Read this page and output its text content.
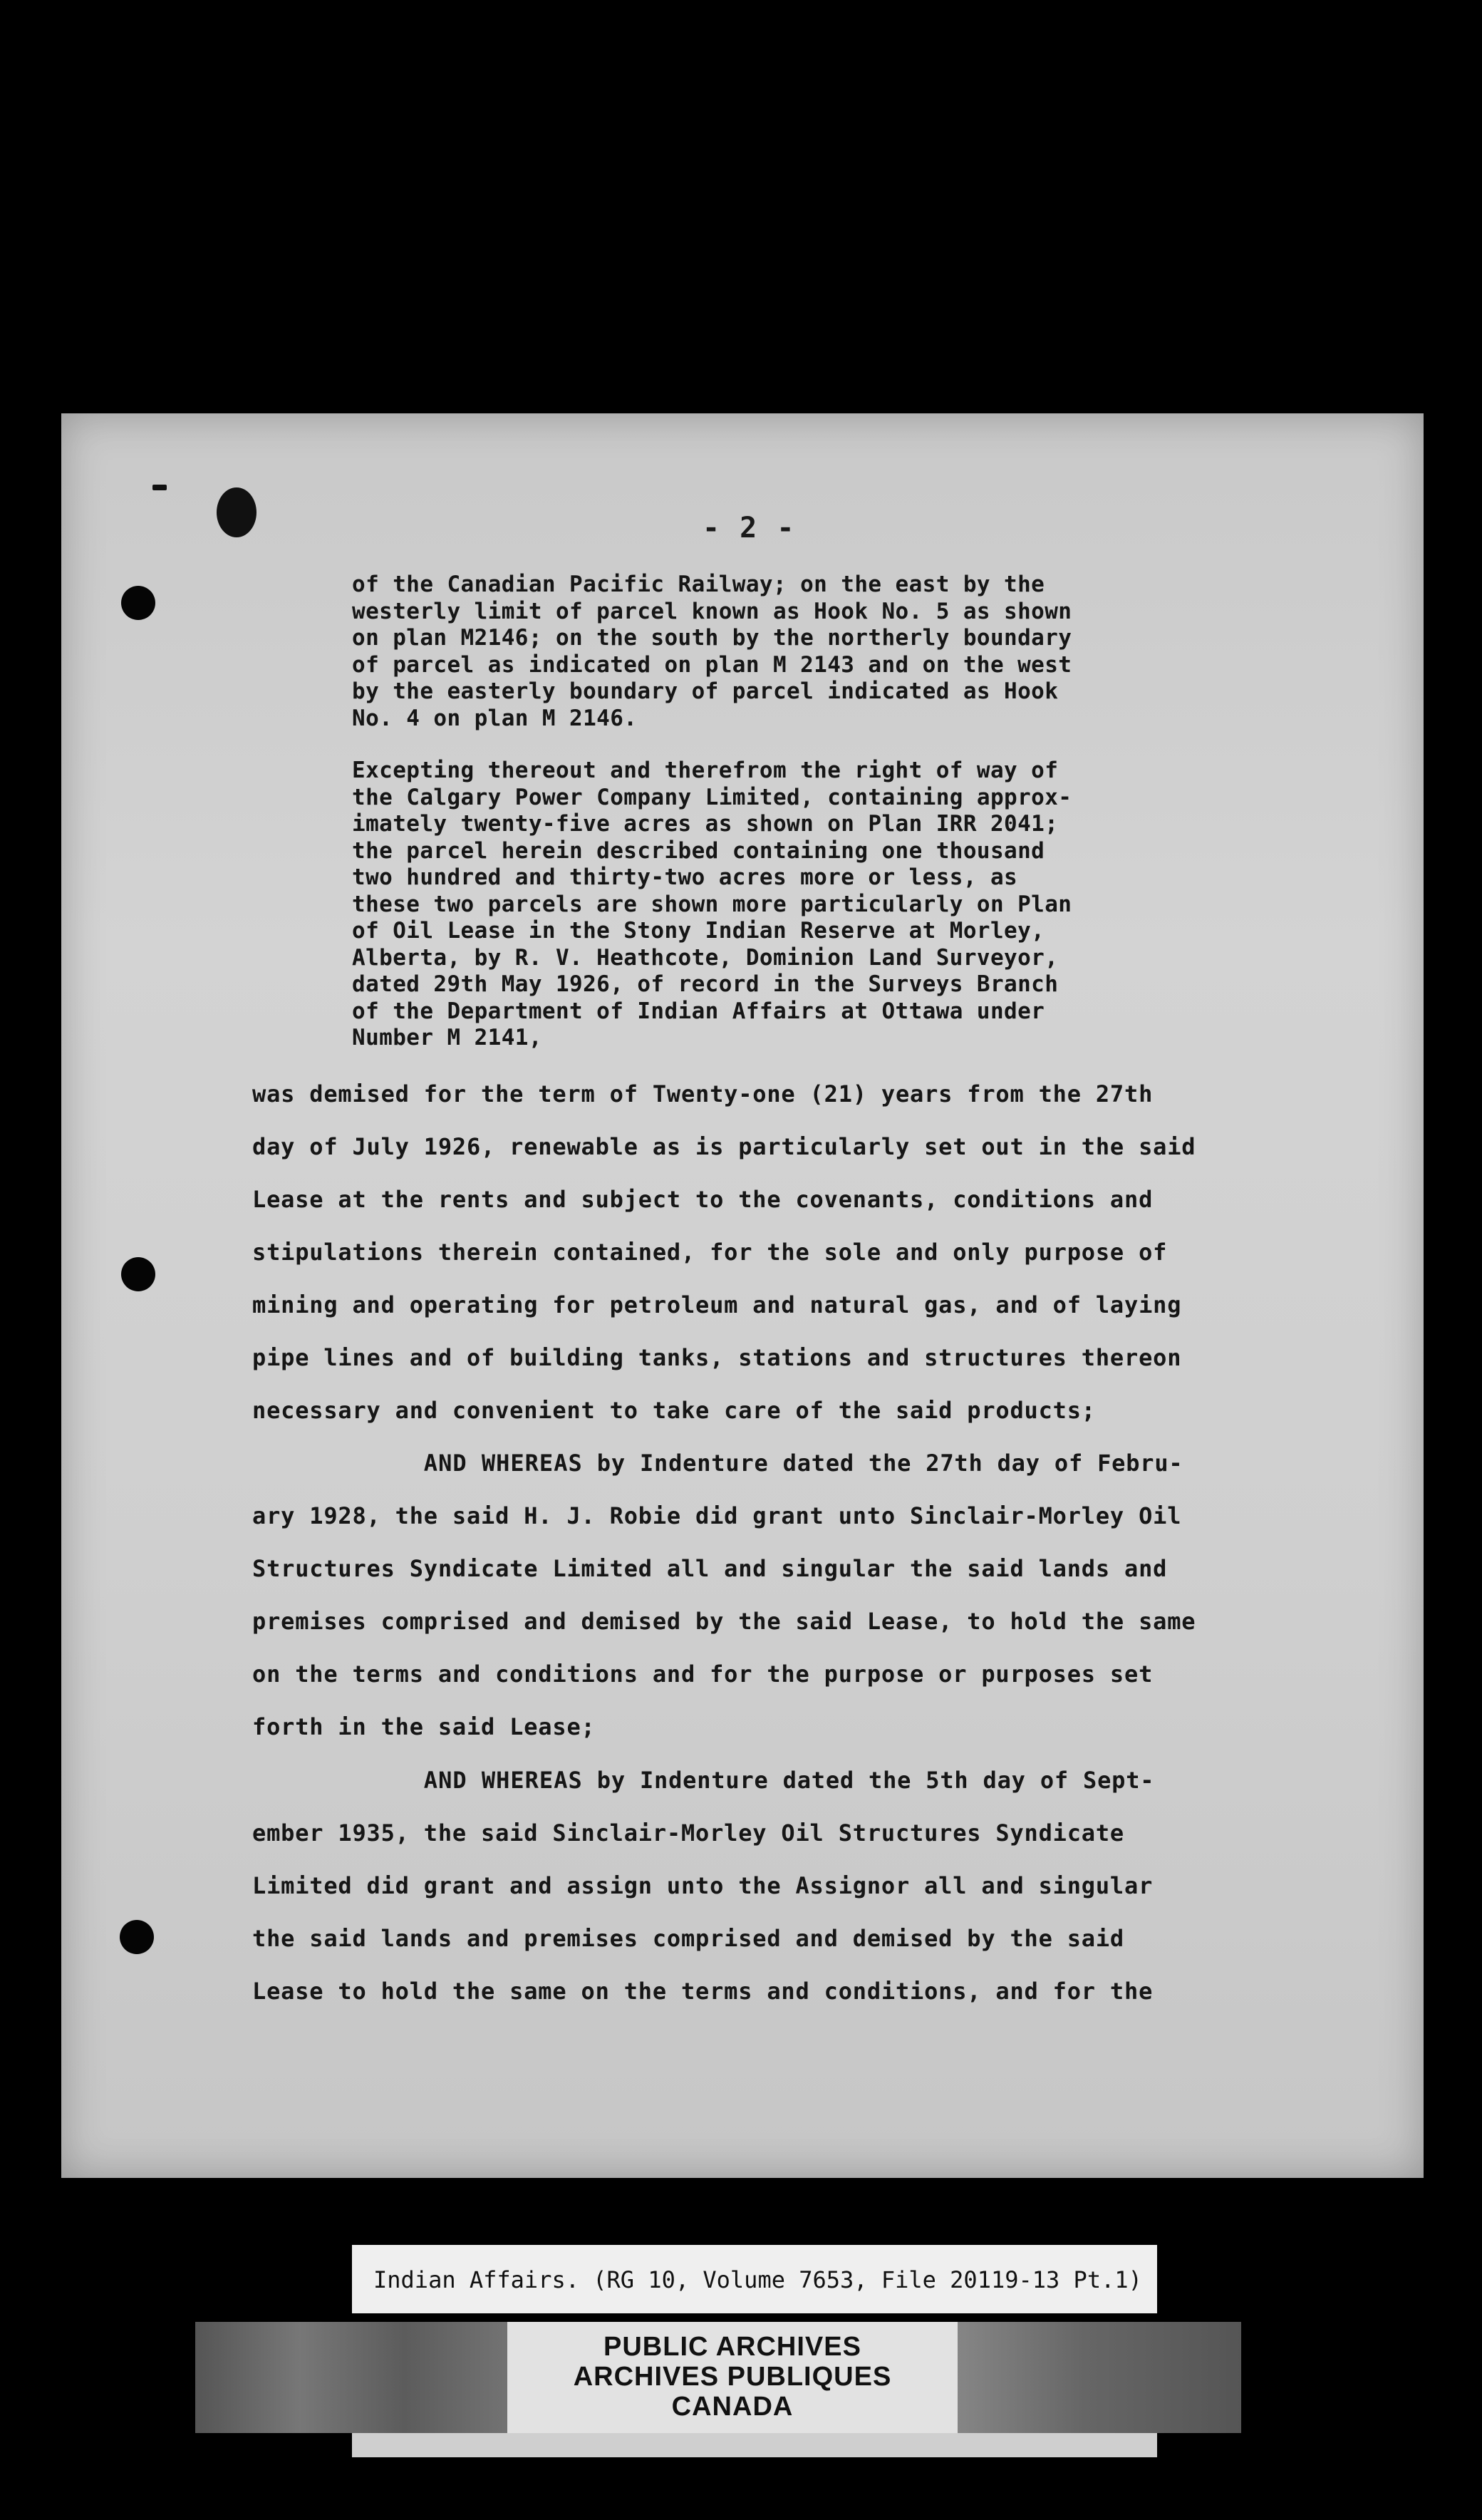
- 2 -
of the Canadian Pacific Railway; on the east by the
westerly limit of parcel known as Hook No. 5 as shown
on plan M2146; on the south by the northerly boundary
of parcel as indicated on plan M 2143 and on the west
by the easterly boundary of parcel indicated as Hook
No. 4 on plan M 2146.
Excepting thereout and therefrom the right of way of
the Calgary Power Company Limited, containing approx-
imately twenty-five acres as shown on Plan IRR 2041;
the parcel herein described containing one thousand
two hundred and thirty-two acres more or less, as
these two parcels are shown more particularly on Plan
of Oil Lease in the Stony Indian Reserve at Morley,
Alberta, by R. V. Heathcote, Dominion Land Surveyor,
dated 29th May 1926, of record in the Surveys Branch
of the Department of Indian Affairs at Ottawa under
Number M 2141,
was demised for the term of Twenty-one (21) years from the 27th
day of July 1926, renewable as is particularly set out in the said
Lease at the rents and subject to the covenants, conditions and
stipulations therein contained, for the sole and only purpose of
mining and operating for petroleum and natural gas, and of laying
pipe lines and of building tanks, stations and structures thereon
necessary and convenient to take care of the said products;
AND WHEREAS by Indenture dated the 27th day of Febru-
ary 1928, the said H. J. Robie did grant unto Sinclair-Morley Oil
Structures Syndicate Limited all and singular the said lands and
premises comprised and demised by the said Lease, to hold the same
on the terms and conditions and for the purpose or purposes set
forth in the said Lease;
AND WHEREAS by Indenture dated the 5th day of Sept-
ember 1935, the said Sinclair-Morley Oil Structures Syndicate
Limited did grant and assign unto the Assignor all and singular
the said lands and premises comprised and demised by the said
Lease to hold the same on the terms and conditions, and for the
Indian Affairs. (RG 10, Volume 7653, File 20119-13 Pt.1)
PUBLIC ARCHIVES
ARCHIVES PUBLIQUES
CANADA
